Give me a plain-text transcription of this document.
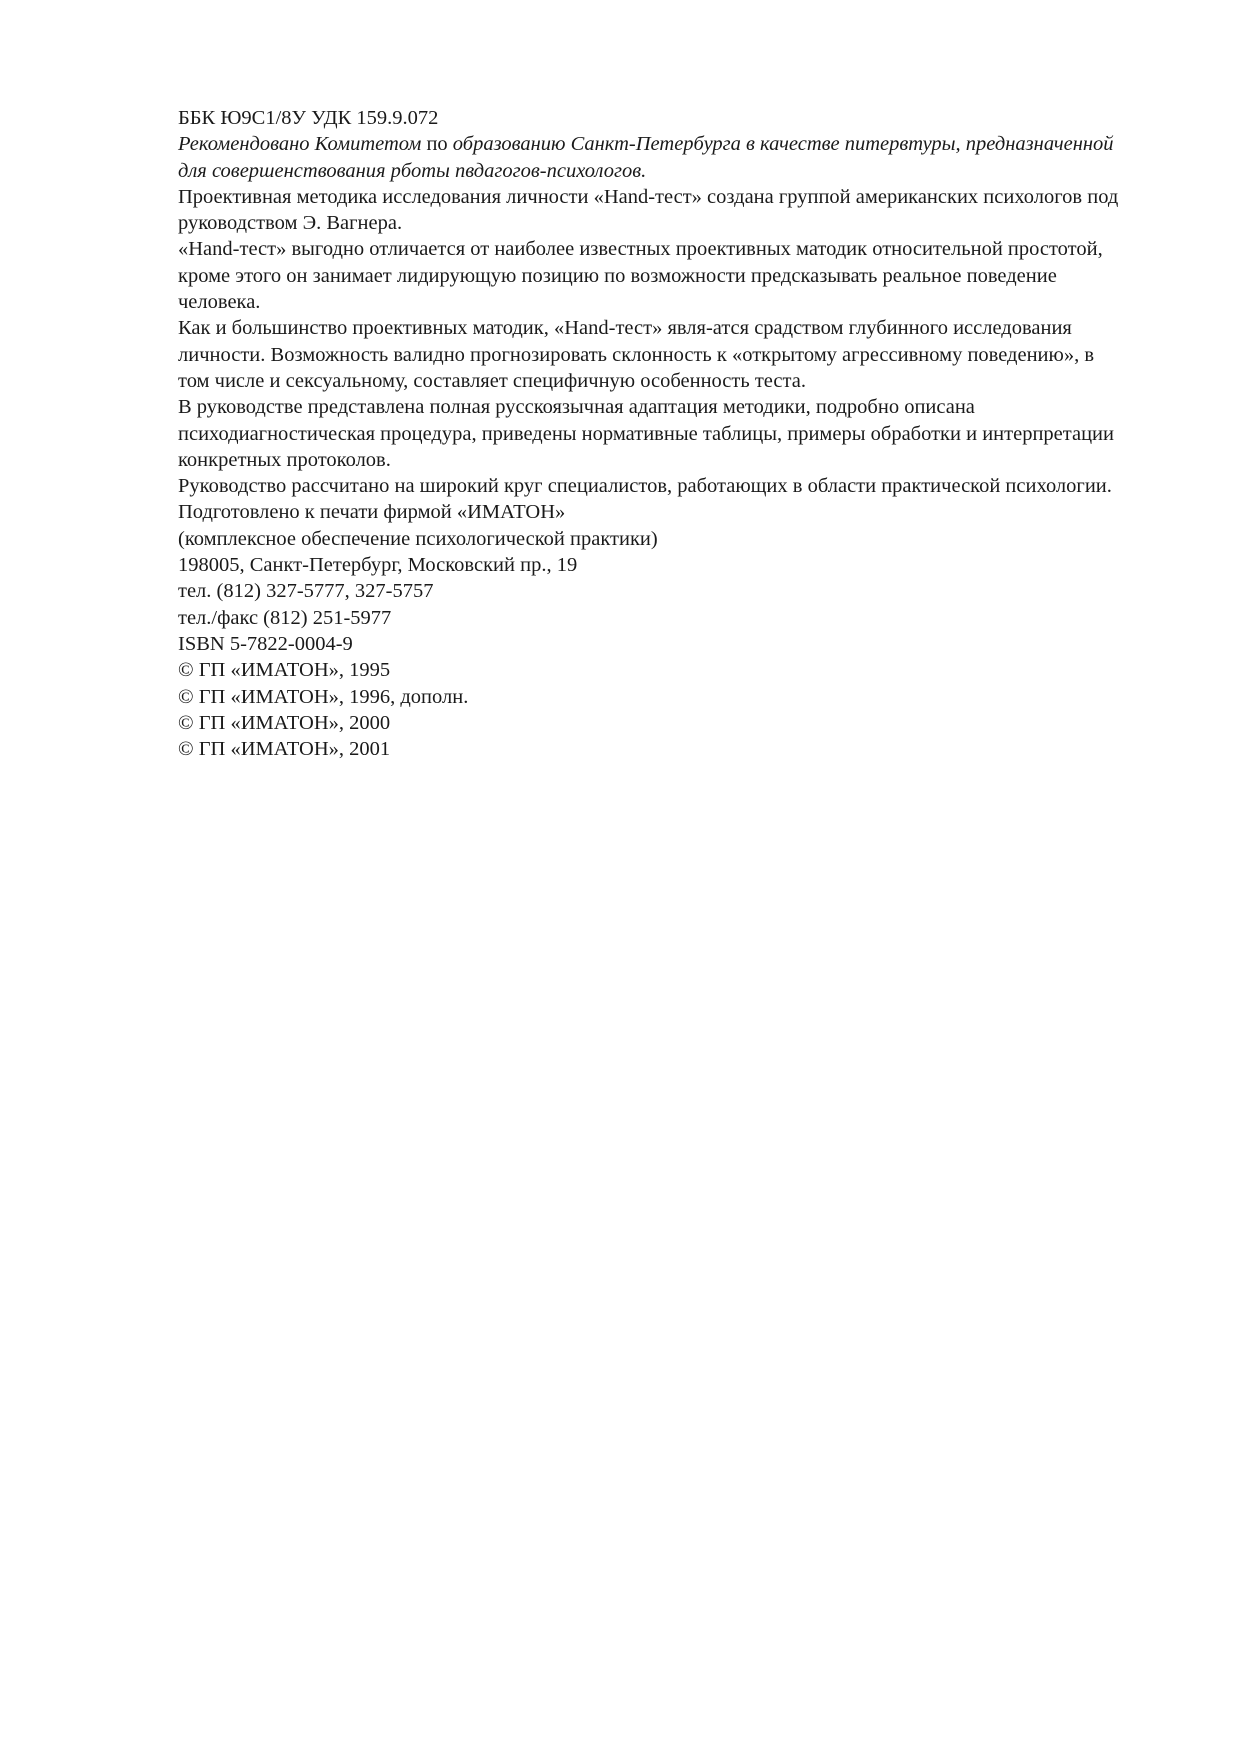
ББК Ю9С1/8У УДК 159.9.072

Рекомендовано Комитетом по образованию Санкт-Петербурга в качестве питервтуры, предназначенной для совершенствования рботы пвдагогов-психологов.

Проективная методика исследования личности «Hand-тест» создана группой американских психологов под руководством Э. Вагнера.

«Hand-тест» выгодно отличается от наиболее известных проективных матодик относительной простотой, кроме этого он занимает лидирующую позицию по возможности предсказывать реальное поведение человека.

Как и большинство проективных матодик, «Hand-тест» явля-атся срадством глубинного исследования личности. Возможность валидно прогнозировать склонность к «открытому агрессивному поведению», в том числе и сексуальному, составляет специфичную особенность теста.

В руководстве представлена полная русскоязычная адаптация методики, подробно описана психодиагностическая процедура, приведены нормативные таблицы, примеры обработки и интерпретации конкретных протоколов.

Руководство рассчитано на широкий круг специалистов, работающих в области практической психологии.

Подготовлено к печати фирмой «ИМАТОН»

(комплексное обеспечение психологической практики)

198005, Санкт-Петербург, Московский пр., 19

тел. (812) 327-5777, 327-5757

тел./факс (812) 251-5977

ISBN 5-7822-0004-9

© ГП «ИМАТОН», 1995

© ГП «ИМАТОН», 1996, дополн.

© ГП «ИМАТОН», 2000

© ГП «ИМАТОН», 2001
